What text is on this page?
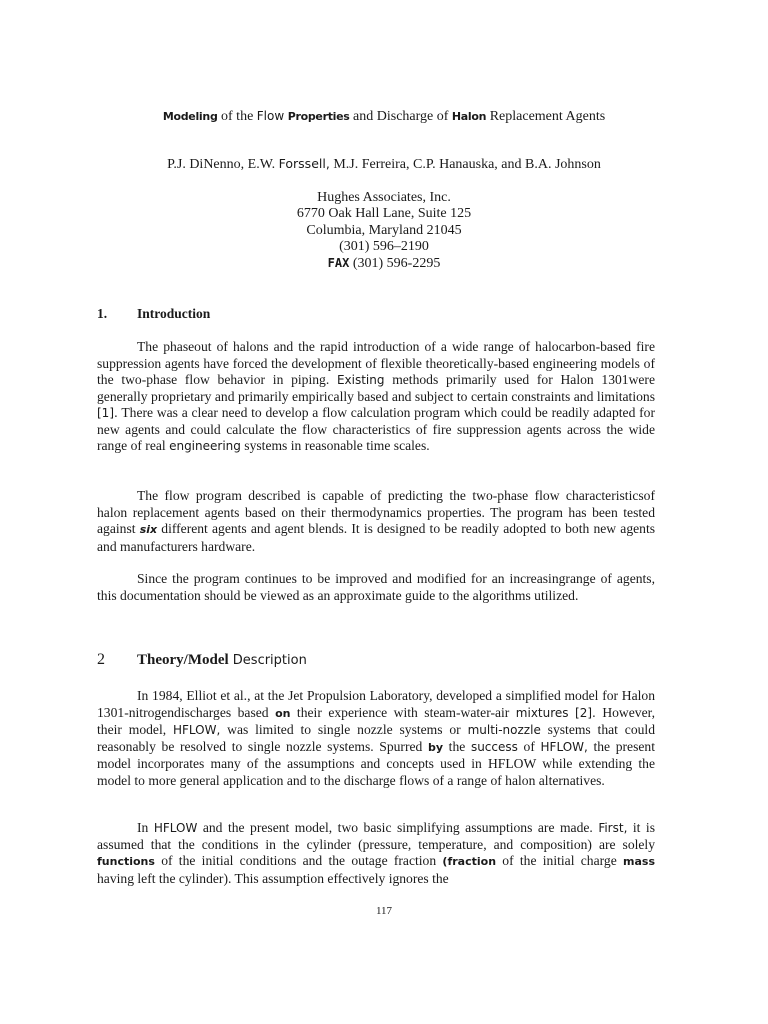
Modeling of the Flow Properties and Discharge of Halon Replacement Agents
P.J. DiNenno, E.W. Forssell, M.J. Ferreira, C.P. Hanauska, and B.A. Johnson
Hughes Associates, Inc.
6770 Oak Hall Lane, Suite 125
Columbia, Maryland 21045
(301) 596–2190
FAX (301) 596-2295
1. Introduction
The phaseout of halons and the rapid introduction of a wide range of halocarbon-based fire suppression agents have forced the development of flexible theoretically-based engineering models of the two-phase flow behavior in piping. Existing methods primarily used for Halon 1301were generally proprietary and primarily empirically based and subject to certain constraints and limitations [1]. There was a clear need to develop a flow calculation program which could be readily adapted for new agents and could calculate the flow characteristics of fire suppression agents across the wide range of real engineering systems in reasonable time scales.
The flow program described is capable of predicting the two-phase flow characteristicsof halon replacement agents based on their thermodynamics properties. The program has been tested against six different agents and agent blends. It is designed to be readily adopted to both new agents and manufacturers hardware.
Since the program continues to be improved and modified for an increasingrange of agents, this documentation should be viewed as an approximate guide to the algorithms utilized.
2 Theory/Model Description
In 1984, Elliot et al., at the Jet Propulsion Laboratory, developed a simplified model for Halon 1301-nitrogendischarges based on their experience with steam-water-air mixtures [2]. However, their model, HFLOW, was limited to single nozzle systems or multi-nozzle systems that could reasonably be resolved to single nozzle systems. Spurred by the success of HFLOW, the present model incorporates many of the assumptions and concepts used in HFLOW while extending the model to more general application and to the discharge flows of a range of halon alternatives.
In HFLOW and the present model, two basic simplifying assumptions are made. First, it is assumed that the conditions in the cylinder (pressure, temperature, and composition) are solely functions of the initial conditions and the outage fraction (fraction of the initial charge mass having left the cylinder). This assumption effectively ignores the
117
